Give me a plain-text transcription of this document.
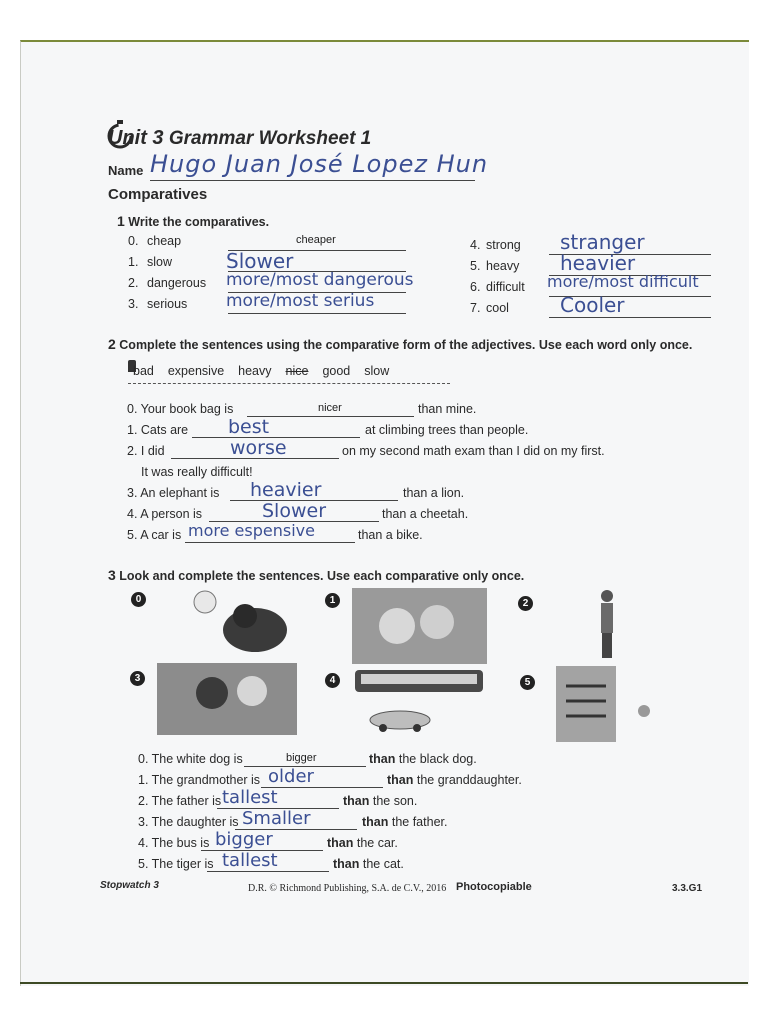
Unit 3 Grammar Worksheet 1
Name Hugo Juan José Lopez Hun
Comparatives
1 Write the comparatives.
0. cheap	cheaper
1. slow	Slower
2. dangerous more/most dangerous
3. serious more/most serius
4. strong stranger
5. heavy heavier
6. difficult more/most difficult
7. cool	Cooler
2 Complete the sentences using the comparative form of the adjectives. Use each word only once.
bad expensive heavy nice good slow
0. Your book bag is	nicer	than mine.
1. Cats are best	at climbing trees than people.
2. I did	worse	on my second math exam than I did on my first.
3. An elephant is heavier	than a lion.
4. A person is	Slower	than a cheetah.
5. A car is more espensive	than a bike.
It was really difficult!
3 Look and complete the sentences. Use each comparative only once.
0	1	2
3	4	5
0. The white dog is	bigger	than the black dog.
1. The grandmother is older	than the granddaughter.
2. The father is tallest	than the son.
3. The daughter is Smaller	than the father.
4. The bus is bigger	than the car.
5. The tiger is tallest	than the cat.
Stopwatch 3	D.R. © Richmond Publishing, S.A. de C.V., 2016 Photocopiable	3.3.G1
